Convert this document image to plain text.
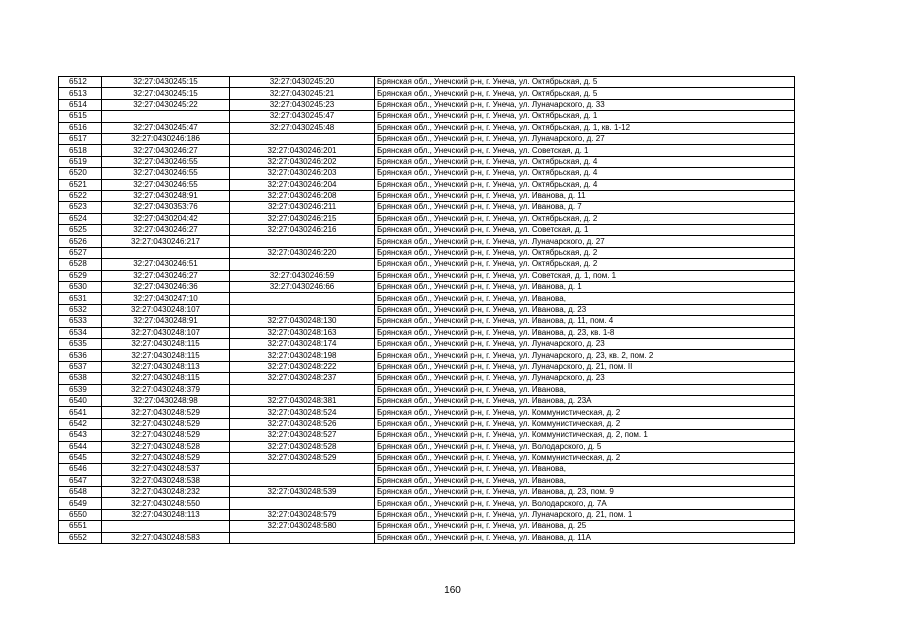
6512	32:27:0430245:15	32:27:0430245:20	Брянская обл., Унечский р-н, г. Унеча, ул. Октябрьская, д. 5
6513	32:27:0430245:15	32:27:0430245:21	Брянская обл., Унечский р-н, г. Унеча, ул. Октябрьская, д. 5
6514	32:27:0430245:22	32:27:0430245:23	Брянская обл., Унечский р-н, г. Унеча, ул. Луначарского, д. 33
6515		32:27:0430245:47	Брянская обл., Унечский р-н, г. Унеча, ул. Октябрьская, д. 1
6516	32:27:0430245:47	32:27:0430245:48	Брянская обл., Унечский р-н, г. Унеча, ул. Октябрьская, д. 1, кв. 1-12
6517	32:27:0430246:186		Брянская обл., Унечский р-н, г. Унеча, ул. Луначарского, д. 27
6518	32:27:0430246:27	32:27:0430246:201	Брянская обл., Унечский р-н, г. Унеча, ул. Советская, д. 1
6519	32:27:0430246:55	32:27:0430246:202	Брянская обл., Унечский р-н, г. Унеча, ул. Октябрьская, д. 4
6520	32:27:0430246:55	32:27:0430246:203	Брянская обл., Унечский р-н, г. Унеча, ул. Октябрьская, д. 4
6521	32:27:0430246:55	32:27:0430246:204	Брянская обл., Унечский р-н, г. Унеча, ул. Октябрьская, д. 4
6522	32:27:0430248:91	32:27:0430246:208	Брянская обл., Унечский р-н, г. Унеча, ул. Иванова, д. 11
6523	32:27:0430353:76	32:27:0430246:211	Брянская обл., Унечский р-н, г. Унеча, ул. Иванова, д. 7
6524	32:27:0430204:42	32:27:0430246:215	Брянская обл., Унечский р-н, г. Унеча, ул. Октябрьская, д. 2
6525	32:27:0430246:27	32:27:0430246:216	Брянская обл., Унечский р-н, г. Унеча, ул. Советская, д. 1
6526	32:27:0430246:217		Брянская обл., Унечский р-н, г. Унеча, ул. Луначарского, д. 27
6527		32:27:0430246:220	Брянская обл., Унечский р-н, г. Унеча, ул. Октябрьская, д. 2
6528	32:27:0430246:51		Брянская обл., Унечский р-н, г. Унеча, ул. Октябрьская, д. 2
6529	32:27:0430246:27	32:27:0430246:59	Брянская обл., Унечский р-н, г. Унеча, ул. Советская, д. 1, пом. 1
6530	32:27:0430246:36	32:27:0430246:66	Брянская обл., Унечский р-н, г. Унеча, ул. Иванова, д. 1
6531	32:27:0430247:10		Брянская обл., Унечский р-н, г. Унеча, ул. Иванова,
6532	32:27:0430248:107		Брянская обл., Унечский р-н, г. Унеча, ул. Иванова, д. 23
6533	32:27:0430248:91	32:27:0430248:130	Брянская обл., Унечский р-н, г. Унеча, ул. Иванова, д. 11, пом. 4
6534	32:27:0430248:107	32:27:0430248:163	Брянская обл., Унечский р-н, г. Унеча, ул. Иванова, д. 23, кв. 1-8
6535	32:27:0430248:115	32:27:0430248:174	Брянская обл., Унечский р-н, г. Унеча, ул. Луначарского, д. 23
6536	32:27:0430248:115	32:27:0430248:198	Брянская обл., Унечский р-н, г. Унеча, ул. Луначарского, д. 23, кв. 2, пом. 2
6537	32:27:0430248:113	32:27:0430248:222	Брянская обл., Унечский р-н, г. Унеча, ул. Луначарского, д. 21, пом. II
6538	32:27:0430248:115	32:27:0430248:237	Брянская обл., Унечский р-н, г. Унеча, ул. Луначарского, д. 23
6539	32:27:0430248:379		Брянская обл., Унечский р-н, г. Унеча, ул. Иванова,
6540	32:27:0430248:98	32:27:0430248:381	Брянская обл., Унечский р-н, г. Унеча, ул. Иванова, д. 23А
6541	32:27:0430248:529	32:27:0430248:524	Брянская обл., Унечский р-н, г. Унеча, ул. Коммунистическая, д. 2
6542	32:27:0430248:529	32:27:0430248:526	Брянская обл., Унечский р-н, г. Унеча, ул. Коммунистическая, д. 2
6543	32:27:0430248:529	32:27:0430248:527	Брянская обл., Унечский р-н, г. Унеча, ул. Коммунистическая, д. 2, пом. 1
6544	32:27:0430248:528	32:27:0430248:528	Брянская обл., Унечский р-н, г. Унеча, ул. Володарского, д. 5
6545	32:27:0430248:529	32:27:0430248:529	Брянская обл., Унечский р-н, г. Унеча, ул. Коммунистическая, д. 2
6546	32:27:0430248:537		Брянская обл., Унечский р-н, г. Унеча, ул. Иванова,
6547	32:27:0430248:538		Брянская обл., Унечский р-н, г. Унеча, ул. Иванова,
6548	32:27:0430248:232	32:27:0430248:539	Брянская обл., Унечский р-н, г. Унеча, ул. Иванова, д. 23, пом. 9
6549	32:27:0430248:550		Брянская обл., Унечский р-н, г. Унеча, ул. Володарского, д. 7А
6550	32:27:0430248:113	32:27:0430248:579	Брянская обл., Унечский р-н, г. Унеча, ул. Луначарского, д. 21, пом. 1
6551		32:27:0430248:580	Брянская обл., Унечский р-н, г. Унеча, ул. Иванова, д. 25
6552	32:27:0430248:583		Брянская обл., Унечский р-н, г. Унеча, ул. Иванова, д. 11А
160
